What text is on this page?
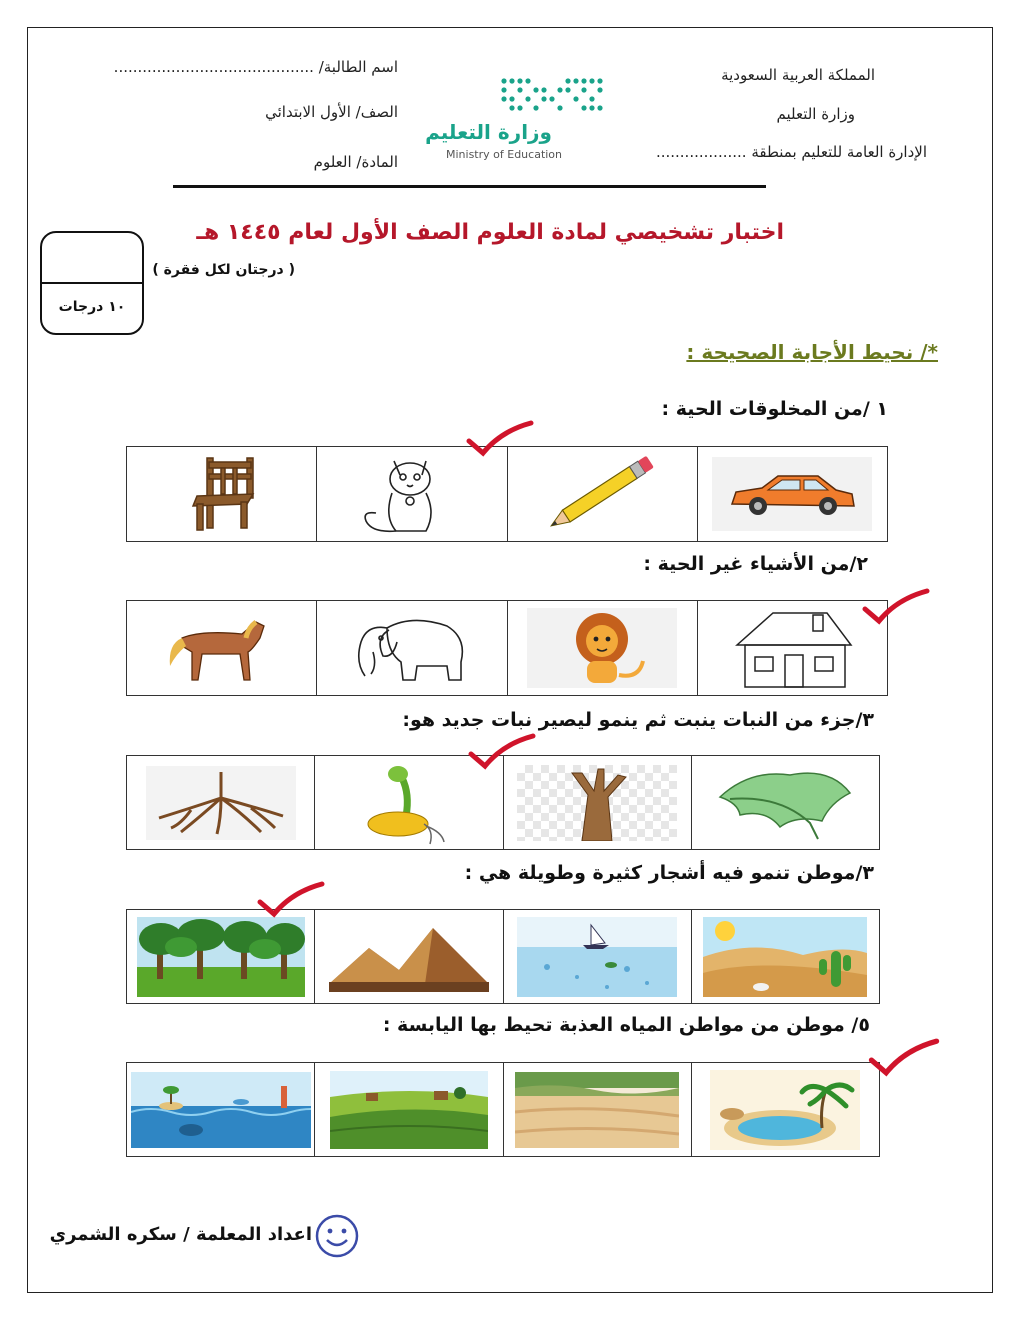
المملكة العربية السعودية
وزارة التعليم
الإدارة العامة للتعليم بمنطقة ...................
اسم الطالبة/ ..........................................
الصف/ الأول الابتدائي
المادة/ العلوم
وزارة التعليم
Ministry of Education
اختبار تشخيصي لمادة العلوم الصف الأول لعام ١٤٤٥ هـ
( درجتان لكل فقرة )
١٠ درجات
*/ نحيط الأجابة الصحيحة :
١ /من المخلوقات الحية :
٢/من الأشياء غير الحية :
٣/جزء من النبات ينبت ثم ينمو ليصير نبات جديد هو:
٣/موطن تنمو فيه أشجار كثيرة وطويلة هي :
٥/ موطن من مواطن المياه العذبة تحيط بها اليابسة :
اعداد المعلمة / سكره الشمري
